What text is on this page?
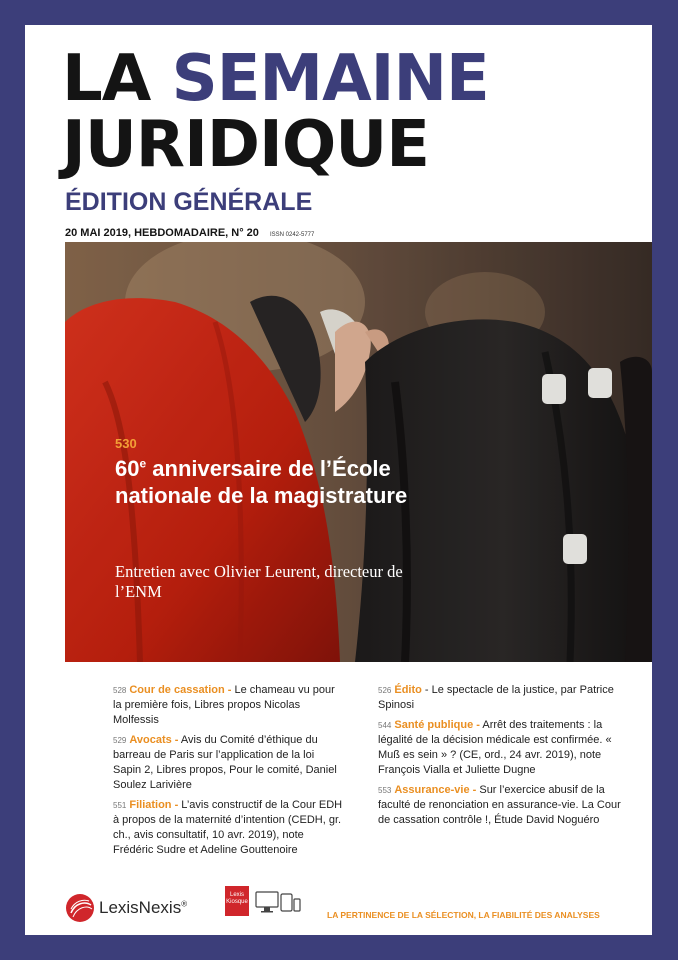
LA SEMAINE
JURIDIQUE
ÉDITION GÉNÉRALE
20 MAI 2019, HEBDOMADAIRE, N° 20 ISSN 0242-5777
530
60e anniversaire de l’École nationale de la magistrature
Entretien avec Olivier Leurent, directeur de l’ENM
528 Cour de cassation - Le chameau vu pour la première fois, Libres propos Nicolas Molfessis
529 Avocats - Avis du Comité d’éthique du barreau de Paris sur l’application de la loi Sapin 2, Libres propos, Pour le comité, Daniel Soulez Larivière
551 Filiation - L’avis constructif de la Cour EDH à propos de la maternité d’intention (CEDH, gr. ch., avis consultatif, 10 avr. 2019), note Frédéric Sudre et Adeline Gouttenoire
526 Édito - Le spectacle de la justice, par Patrice Spinosi
544 Santé publique - Arrêt des traitements : la légalité de la décision médicale est confirmée. « Muß es sein » ? (CE, ord., 24 avr. 2019), note François Vialla et Juliette Dugne
553 Assurance-vie - Sur l’exercice abusif de la faculté de renonciation en assurance-vie. La Cour de cassation contrôle !, Étude David Noguéro
LexisNexis®
Lexis
Kiosque
LA PERTINENCE DE LA SÉLECTION, LA FIABILITÉ DES ANALYSES
